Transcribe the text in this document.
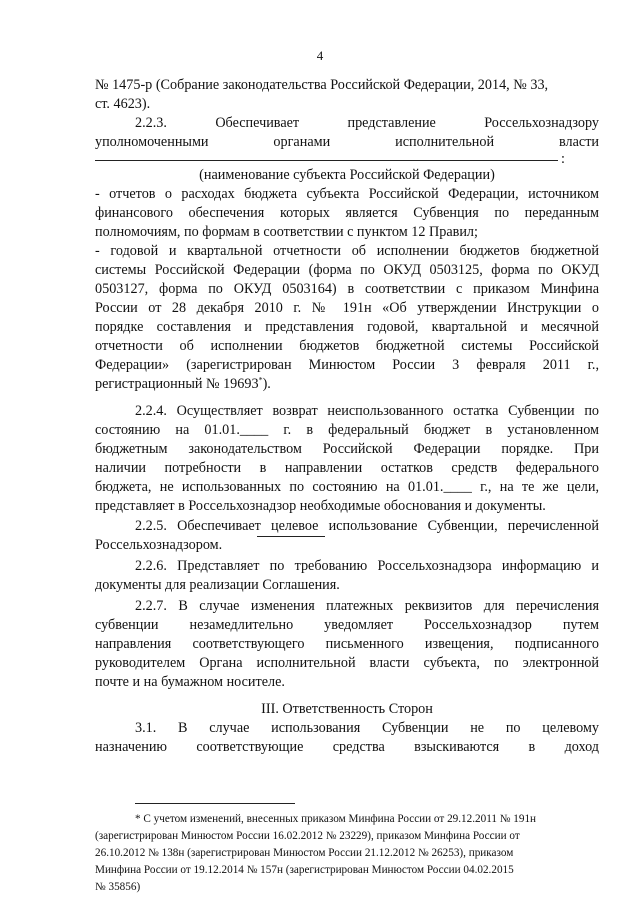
4
№ 1475-р (Собрание законодательства Российской Федерации, 2014, № 33,
ст. 4623).
2.2.3. Обеспечивает представление Россельхознадзору
уполномоченными органами исполнительной власти
:
(наименование субъекта Российской Федерации)
- отчетов о расходах бюджета субъекта Российской Федерации, источником
финансового обеспечения которых является Субвенция по переданным
полномочиям, по формам в соответствии с пунктом 12 Правил;
- годовой и квартальной отчетности об исполнении бюджетов бюджетной
системы Российской Федерации (форма по ОКУД 0503125, форма по ОКУД
0503127, форма по ОКУД 0503164) в соответствии с приказом Минфина
России от 28 декабря 2010 г. № 191н «Об утверждении Инструкции о
порядке составления и представления годовой, квартальной и месячной
отчетности об исполнении бюджетов бюджетной системы Российской
Федерации» (зарегистрирован Минюстом России 3 февраля 2011 г.,
регистрационный № 19693*).
2.2.4. Осуществляет возврат неиспользованного остатка Субвенции по
состоянию на 01.01.____ г. в федеральный бюджет в установленном
бюджетным законодательством Российской Федерации порядке. При
наличии потребности в направлении остатков средств федерального
бюджета, не использованных по состоянию на 01.01.____ г., на те же цели,
представляет в Россельхознадзор необходимые обоснования и документы.
2.2.5. Обеспечивает целевое использование Субвенции, перечисленной
Россельхознадзором.
2.2.6. Представляет по требованию Россельхознадзора информацию и
документы для реализации Соглашения.
2.2.7. В случае изменения платежных реквизитов для перечисления
субвенции незамедлительно уведомляет Россельхознадзор путем
направления соответствующего письменного извещения, подписанного
руководителем Органа исполнительной власти субъекта, по электронной
почте и на бумажном носителе.
III. Ответственность Сторон
3.1. В случае использования Субвенции не по целевому
назначению соответствующие средства взыскиваются в доход
* С учетом изменений, внесенных приказом Минфина России от 29.12.2011 № 191н
(зарегистрирован Минюстом России 16.02.2012 № 23229), приказом Минфина России от
26.10.2012 № 138н (зарегистрирован Минюстом России 21.12.2012 № 26253), приказом
Минфина России от 19.12.2014 № 157н (зарегистрирован Минюстом России 04.02.2015
№ 35856)
